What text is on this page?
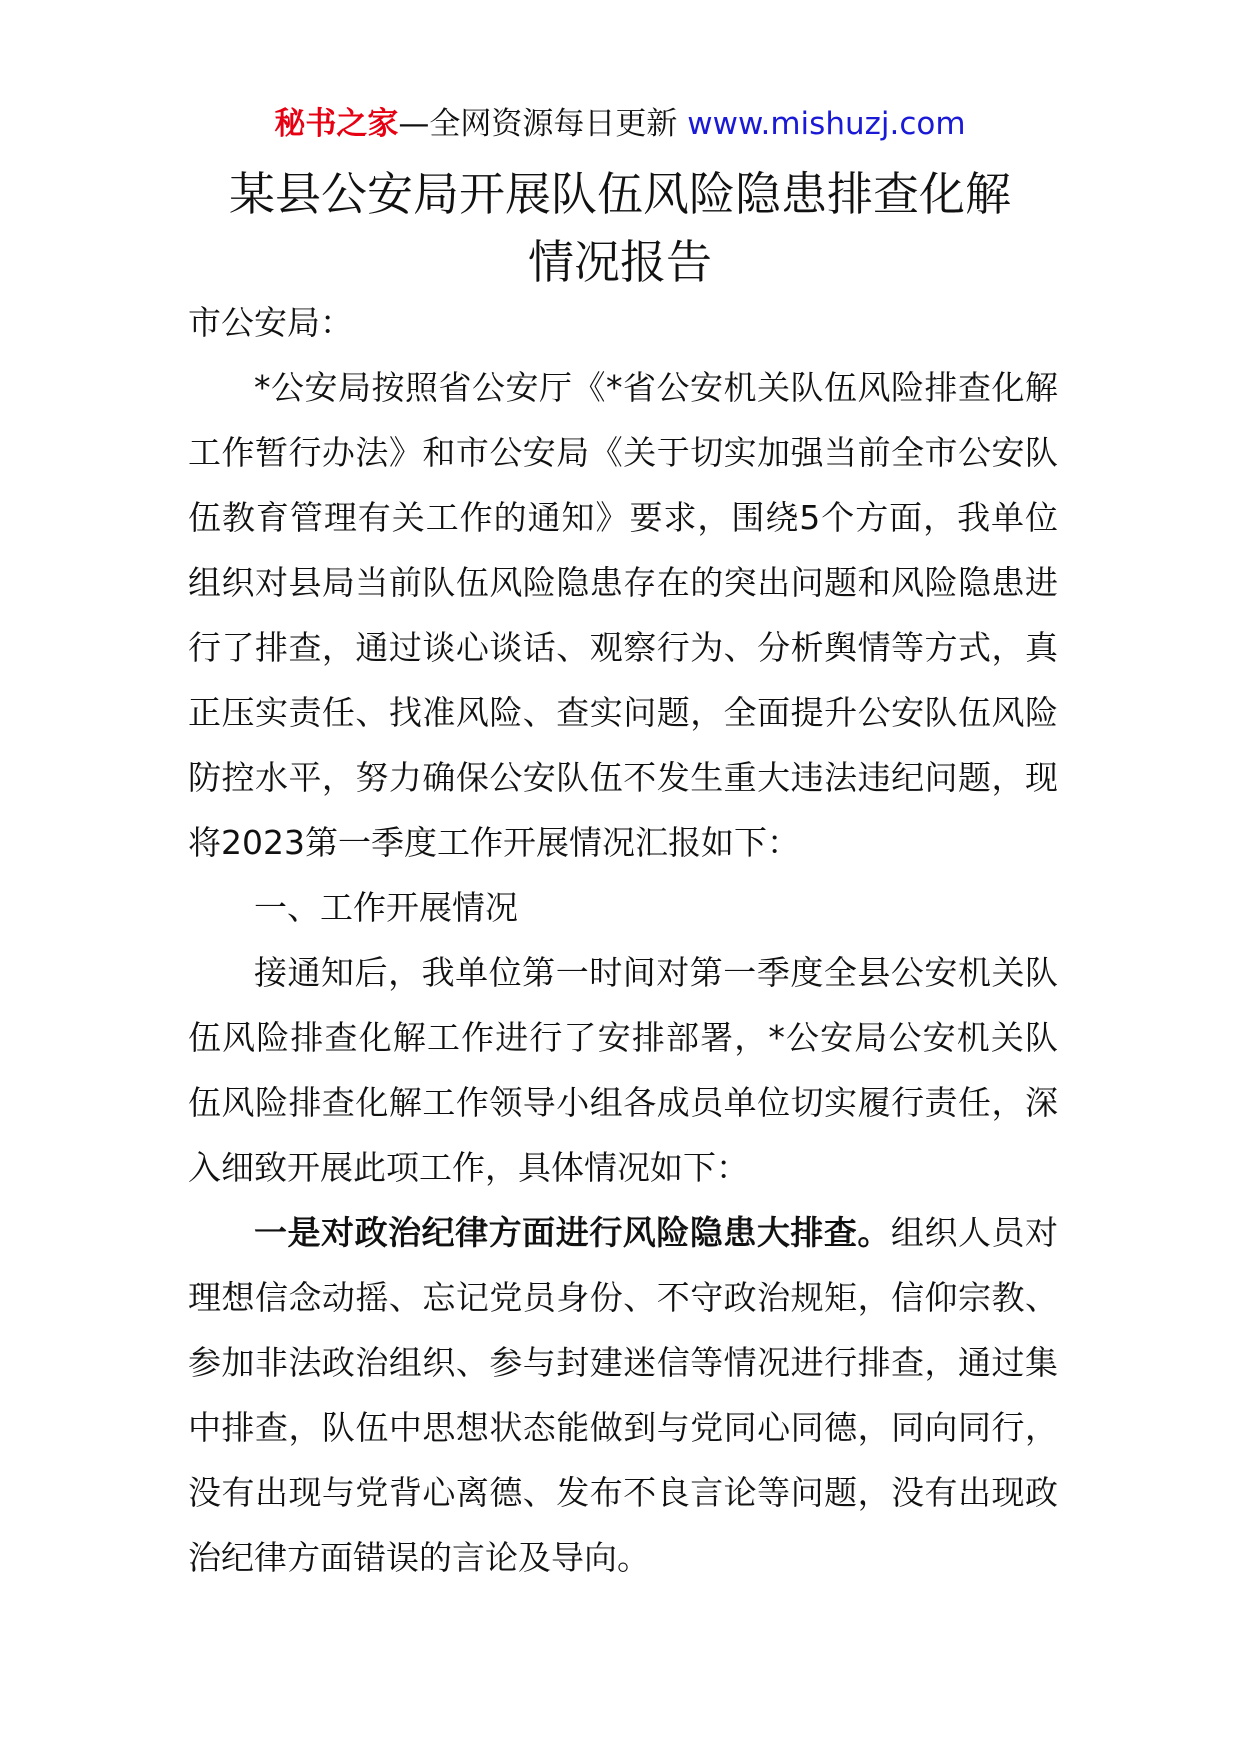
秘书之家—全网资源每日更新 www.mishuzj.com
某县公安局开展队伍风险隐患排查化解
情况报告

市公安局：

*公安局按照省公安厅《*省公安机关队伍风险排查化解工作暂行办法》和市公安局《关于切实加强当前全市公安队伍教育管理有关工作的通知》要求，围绕5个方面，我单位组织对县局当前队伍风险隐患存在的突出问题和风险隐患进行了排查，通过谈心谈话、观察行为、分析舆情等方式，真正压实责任、找准风险、查实问题，全面提升公安队伍风险防控水平，努力确保公安队伍不发生重大违法违纪问题，现将2023第一季度工作开展情况汇报如下：

一、工作开展情况

接通知后，我单位第一时间对第一季度全县公安机关队伍风险排查化解工作进行了安排部署，*公安局公安机关队伍风险排查化解工作领导小组各成员单位切实履行责任，深入细致开展此项工作，具体情况如下：

一是对政治纪律方面进行风险隐患大排查。组织人员对理想信念动摇、忘记党员身份、不守政治规矩，信仰宗教、参加非法政治组织、参与封建迷信等情况进行排查，通过集中排查，队伍中思想状态能做到与党同心同德，同向同行，没有出现与党背心离德、发布不良言论等问题，没有出现政治纪律方面错误的言论及导向。
